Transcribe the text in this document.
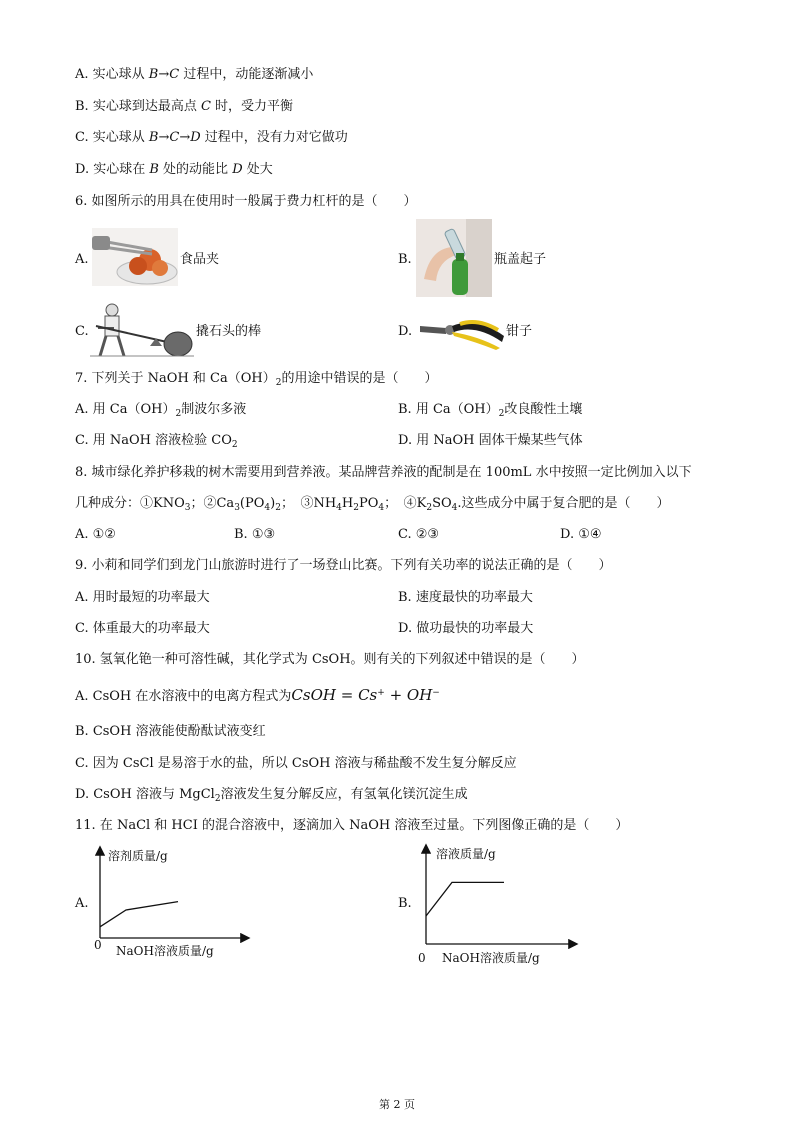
A. 实心球从 B→C 过程中，动能逐渐减小
B. 实心球到达最高点 C 时，受力平衡
C. 实心球从 B→C→D 过程中，没有力对它做功
D. 实心球在 B 处的动能比 D 处大
6. 如图所示的用具在使用时一般属于费力杠杆的是（　　）
A.	食品夹	B.	瓶盖起子
C.	撬石头的棒	D.	钳子
7. 下列关于 NaOH 和 $Ca(OH)_2$的用途中错误的是（　　）
A. 用 $Ca(OH)_2$制波尔多液	B. 用 $Ca(OH)_2$改良酸性土壤
C. 用 NaOH 溶液检验 $CO_2$	D. 用 NaOH 固体干燥某些气体
8. 城市绿化养护移栽的树木需要用到营养液。某品牌营养液的配制是在 100mL 水中按照一定比例加入以下
几种成分：$①KNO_3$；$②Ca_3(PO_4)_2$；　$③NH_4H_2PO_4$；　$④K_2SO_4$.这些成分中属于复合肥的是（　　）
A. ①②	B. ①③	C. ②③	D. ①④
9. 小莉和同学们到龙门山旅游时进行了一场登山比赛。下列有关功率的说法正确的是（　　）
A. 用时最短的功率最大	B. 速度最快的功率最大
C. 体重最大的功率最大	D. 做功最快的功率最大
10. 氢氧化铯一种可溶性碱，其化学式为 CsOH。则有关的下列叙述中错误的是（　　）
A. CsOH 在水溶液中的电离方程式为CsOH = Cs+ + OH−
B. CsOH 溶液能使酚酞试液变红
C. 因为 CsCl 是易溶于水的盐，所以 CsOH 溶液与稀盐酸不发生复分解反应
D. CsOH 溶液与 MgCl$_2$溶液发生复分解反应，有氢氧化镁沉淀生成
11. 在 NaCl 和 HCI 的混合溶液中，逐滴加入 NaOH 溶液至过量。下列图像正确的是（　　）
A.
溶剂质量/g
0 NaOH溶液质量/g
B.
溶液质量/g
0 NaOH溶液质量/g
第 2 页
